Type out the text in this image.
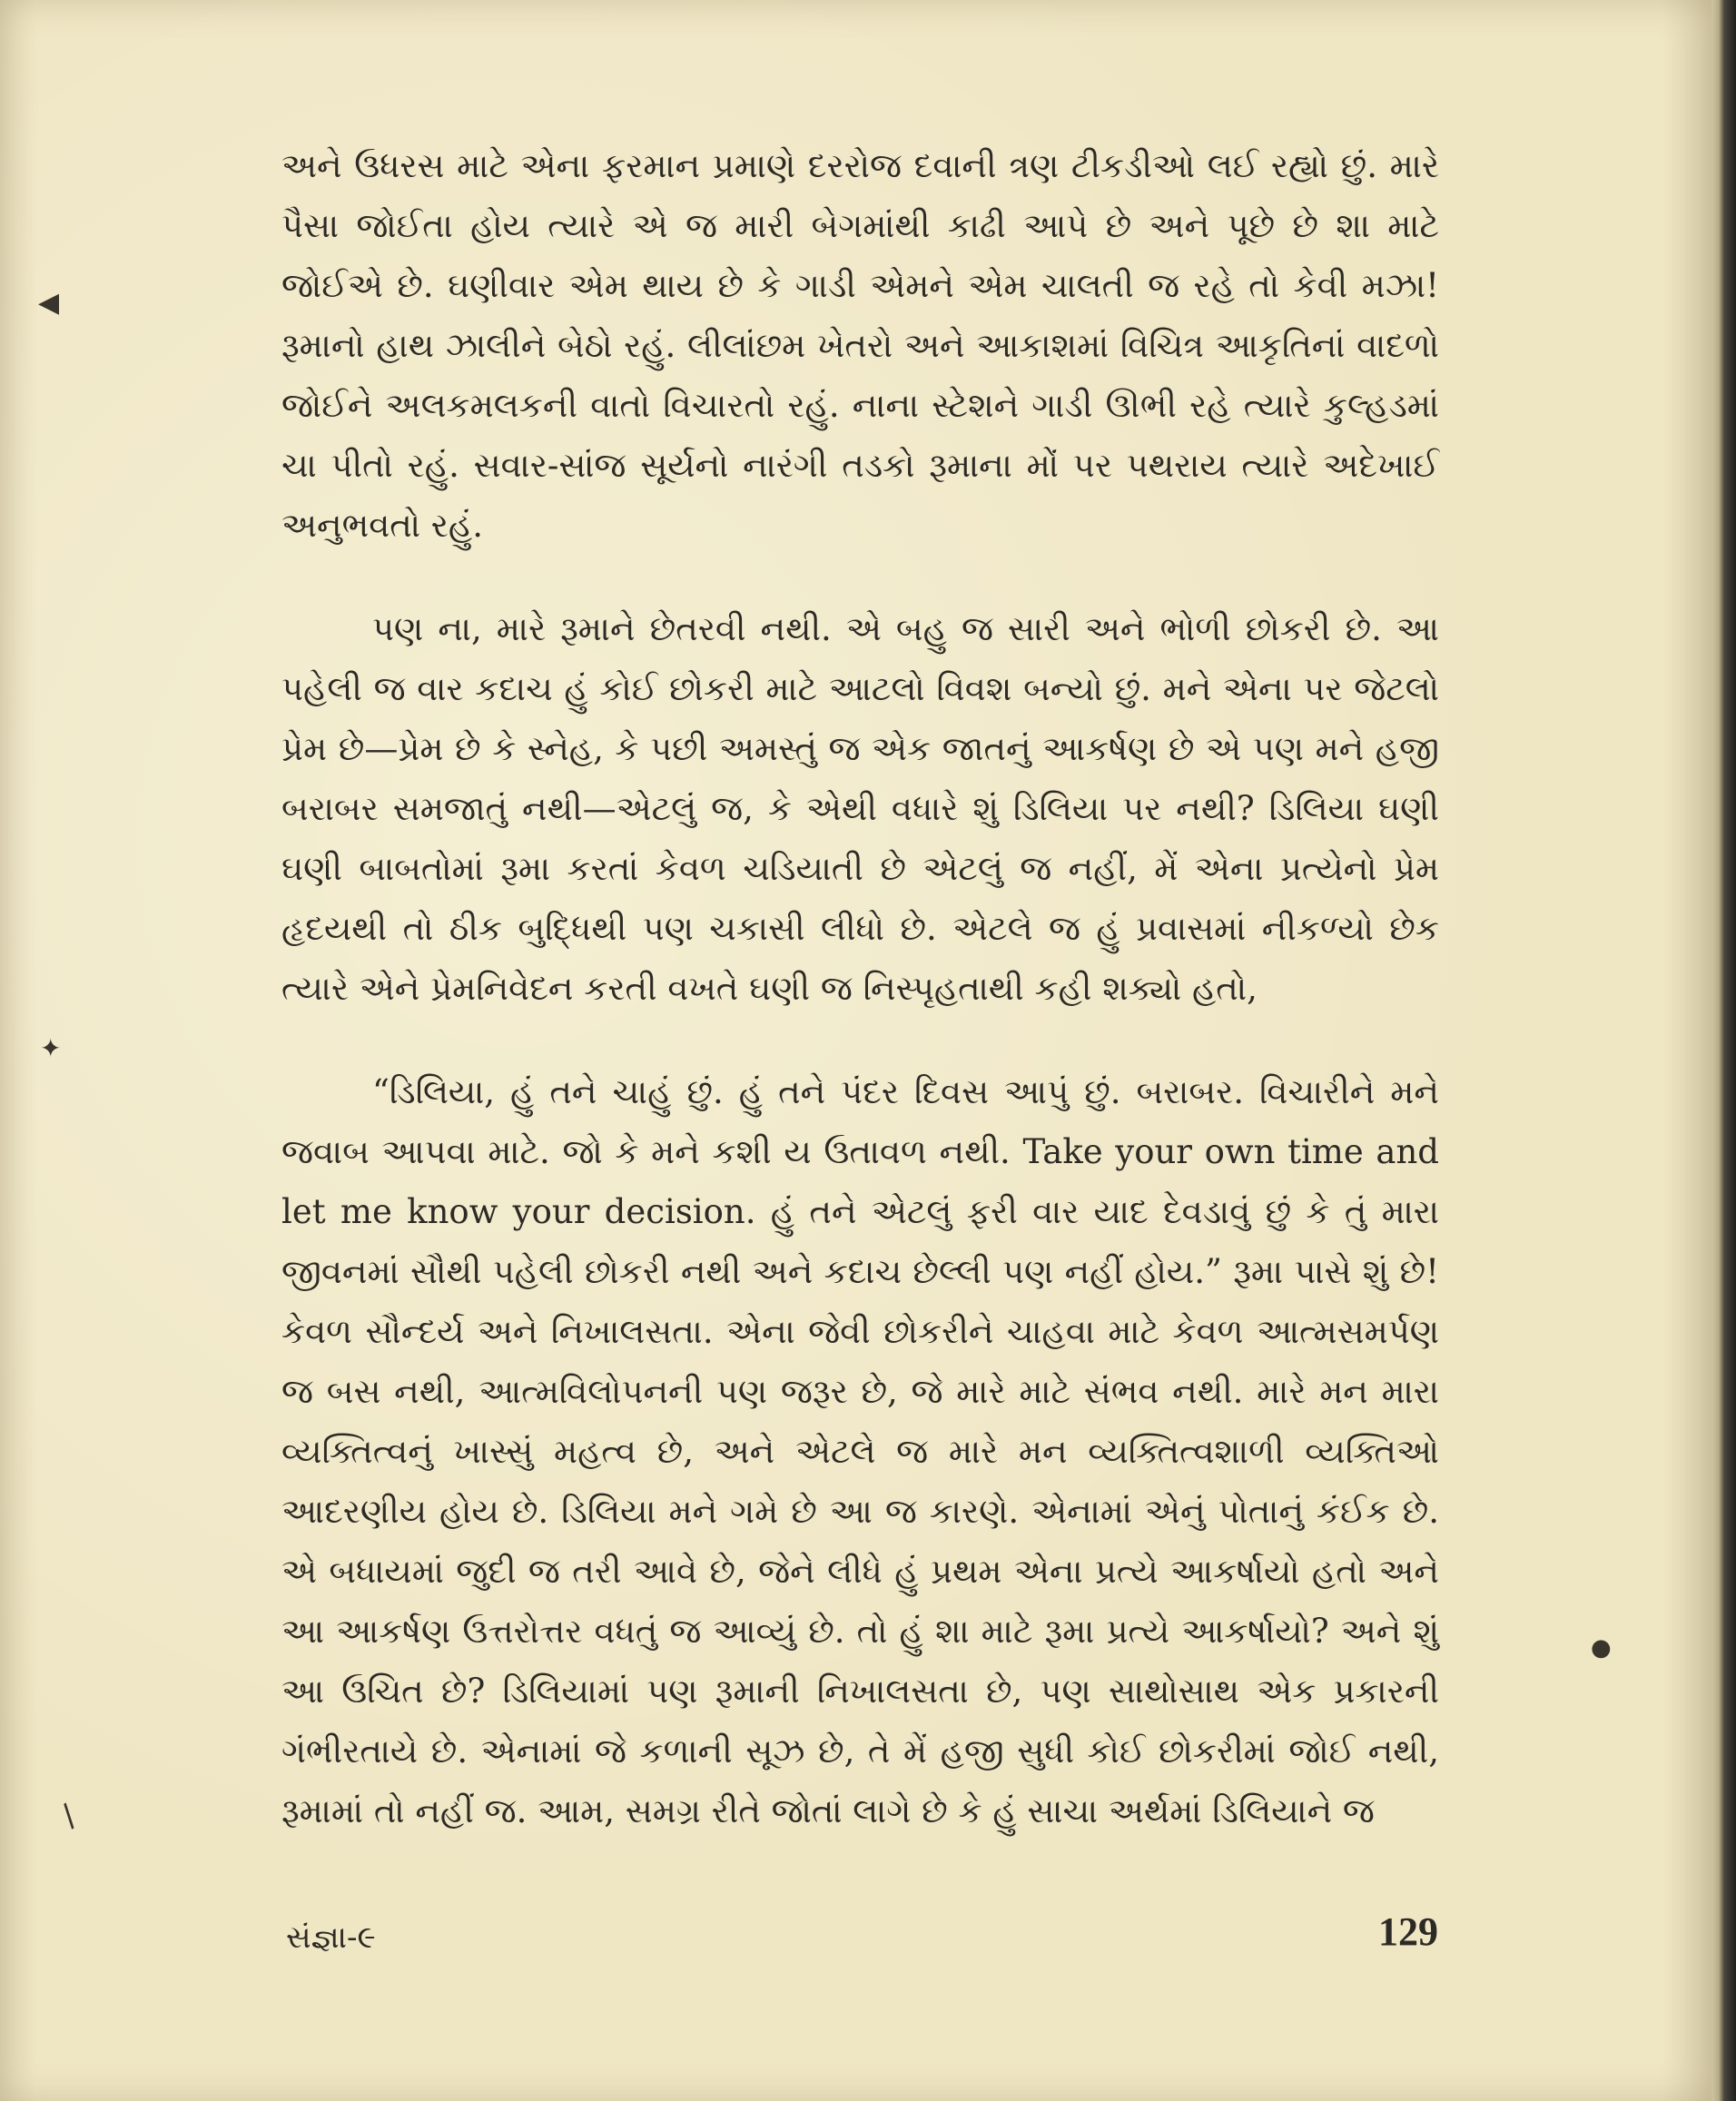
અને ઉધરસ માટે એના ફરમાન પ્રમાણે દરરોજ દવાની ત્રણ ટીકડીઓ લઈ રહ્યો છું. મારે પૈસા જોઈતા હોય ત્યારે એ જ મારી બેગમાંથી કાઢી આપે છે અને પૂછે છે શા માટે જોઈએ છે. ઘણીવાર એમ થાય છે કે ગાડી એમને એમ ચાલતી જ રહે તો કેવી મઝા! રૂમાનો હાથ ઝાલીને બેઠો રહું. લીલાંછમ ખેતરો અને આકાશમાં વિચિત્ર આકૃતિનાં વાદળો જોઈને અલકમલકની વાતો વિચારતો રહું. નાના સ્ટેશને ગાડી ઊભી રહે ત્યારે કુલ્હડમાં ચા પીતો રહું. સવાર-સાંજ સૂર્યનો નારંગી તડકો રૂમાના મોં પર પથરાય ત્યારે અદેખાઈ અનુભવતો રહું.

પણ ના, મારે રૂમાને છેતરવી નથી. એ બહુ જ સારી અને ભોળી છોકરી છે. આ પહેલી જ વાર કદાચ હું કોઈ છોકરી માટે આટલો વિવશ બન્યો છું. મને એના પર જેટલો પ્રેમ છે—પ્રેમ છે કે સ્નેહ, કે પછી અમસ્તું જ એક જાતનું આકર્ષણ છે એ પણ મને હજી બરાબર સમજાતું નથી—એટલું જ, કે એથી વધારે શું ડિલિયા પર નથી? ડિલિયા ઘણી ઘણી બાબતોમાં રૂમા કરતાં કેવળ ચડિયાતી છે એટલું જ નહીં, મેં એના પ્રત્યેનો પ્રેમ હૃદયથી તો ઠીક બુદ્ધિથી પણ ચકાસી લીધો છે. એટલે જ હું પ્રવાસમાં નીકળ્યો છેક ત્યારે એને પ્રેમનિવેદન કરતી વખતે ઘણી જ નિસ્પૃહતાથી કહી શક્યો હતો,

“ડિલિયા, હું તને ચાહું છું. હું તને પંદર દિવસ આપું છું. બરાબર. વિચારીને મને જવાબ આપવા માટે. જો કે મને કશી ય ઉતાવળ નથી. Take your own time and let me know your decision. હું તને એટલું ફરી વાર યાદ દેવડાવું છું કે તું મારા જીવનમાં સૌથી પહેલી છોકરી નથી અને કદાચ છેલ્લી પણ નહીં હોય.” રૂમા પાસે શું છે! કેવળ સૌન્દર્ય અને નિખાલસતા. એના જેવી છોકરીને ચાહવા માટે કેવળ આત્મસમર્પણ જ બસ નથી, આત્મવિલોપનની પણ જરૂર છે, જે મારે માટે સંભવ નથી. મારે મન મારા વ્યક્તિત્વનું ખાસ્સું મહત્વ છે, અને એટલે જ મારે મન વ્યક્તિત્વશાળી વ્યક્તિઓ આદરણીય હોય છે. ડિલિયા મને ગમે છે આ જ કારણે. એનામાં એનું પોતાનું કંઈક છે. એ બધાયમાં જુદી જ તરી આવે છે, જેને લીધે હું પ્રથમ એના પ્રત્યે આકર્ષાયો હતો અને આ આકર્ષણ ઉત્તરોત્તર વધતું જ આવ્યું છે. તો હું શા માટે રૂમા પ્રત્યે આકર્ષાયો? અને શું આ ઉચિત છે? ડિલિયામાં પણ રૂમાની નિખાલસતા છે, પણ સાથોસાથ એક પ્રકારની ગંભીરતાયે છે. એનામાં જે કળાની સૂઝ છે, તે મેં હજી સુધી કોઈ છોકરીમાં જોઈ નથી, રૂમામાં તો નહીં જ. આમ, સમગ્ર રીતે જોતાં લાગે છે કે હું સાચા અર્થમાં ડિલિયાને જ

સંજ્ઞા-૯	129
◀
✦
/
●
